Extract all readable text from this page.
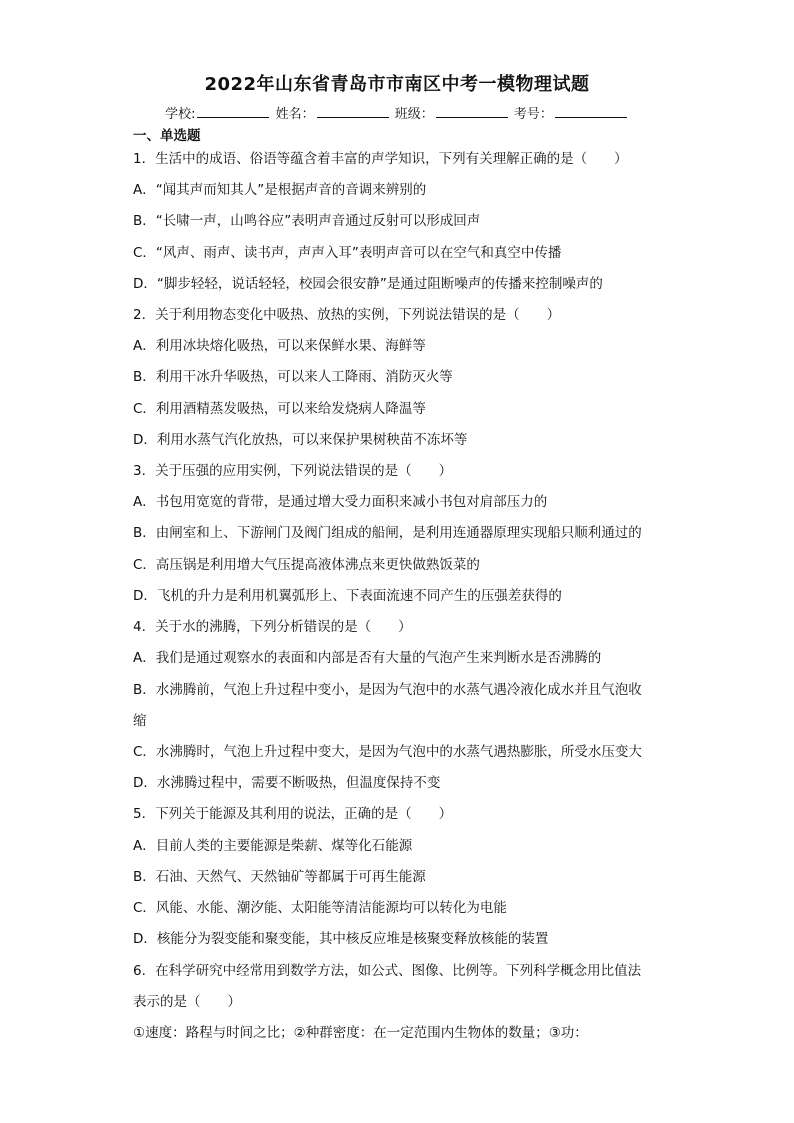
2022年山东省青岛市市南区中考一模物理试题
学校:	姓名：	班级：	考号：
一、单选题
1．生活中的成语、俗语等蕴含着丰富的声学知识，下列有关理解正确的是（　　）
A．“闻其声而知其人”是根据声音的音调来辨别的
B．“长啸一声，山鸣谷应”表明声音通过反射可以形成回声
C．“风声、雨声、读书声，声声入耳”表明声音可以在空气和真空中传播
D．“脚步轻轻，说话轻轻，校园会很安静”是通过阻断噪声的传播来控制噪声的
2．关于利用物态变化中吸热、放热的实例，下列说法错误的是（　　）
A．利用冰块熔化吸热，可以来保鲜水果、海鲜等
B．利用干冰升华吸热，可以来人工降雨、消防灭火等
C．利用酒精蒸发吸热，可以来给发烧病人降温等
D．利用水蒸气汽化放热，可以来保护果树秧苗不冻坏等
3．关于压强的应用实例，下列说法错误的是（　　）
A．书包用宽宽的背带，是通过增大受力面积来减小书包对肩部压力的
B．由闸室和上、下游闸门及阀门组成的船闸，是利用连通器原理实现船只顺利通过的
C．高压锅是利用增大气压提高液体沸点来更快做熟饭菜的
D．飞机的升力是利用机翼弧形上、下表面流速不同产生的压强差获得的
4．关于水的沸腾，下列分析错误的是（　　）
A．我们是通过观察水的表面和内部是否有大量的气泡产生来判断水是否沸腾的
B．水沸腾前，气泡上升过程中变小，是因为气泡中的水蒸气遇冷液化成水并且气泡收
缩
C．水沸腾时，气泡上升过程中变大，是因为气泡中的水蒸气遇热膨胀，所受水压变大
D．水沸腾过程中，需要不断吸热，但温度保持不变
5．下列关于能源及其利用的说法，正确的是（　　）
A．目前人类的主要能源是柴薪、煤等化石能源
B．石油、天然气、天然铀矿等都属于可再生能源
C．风能、水能、潮汐能、太阳能等清洁能源均可以转化为电能
D．核能分为裂变能和聚变能，其中核反应堆是核聚变释放核能的装置
6．在科学研究中经常用到数学方法，如公式、图像、比例等。下列科学概念用比值法
表示的是（　　）
①速度：路程与时间之比；②种群密度：在一定范围内生物体的数量；③功：
